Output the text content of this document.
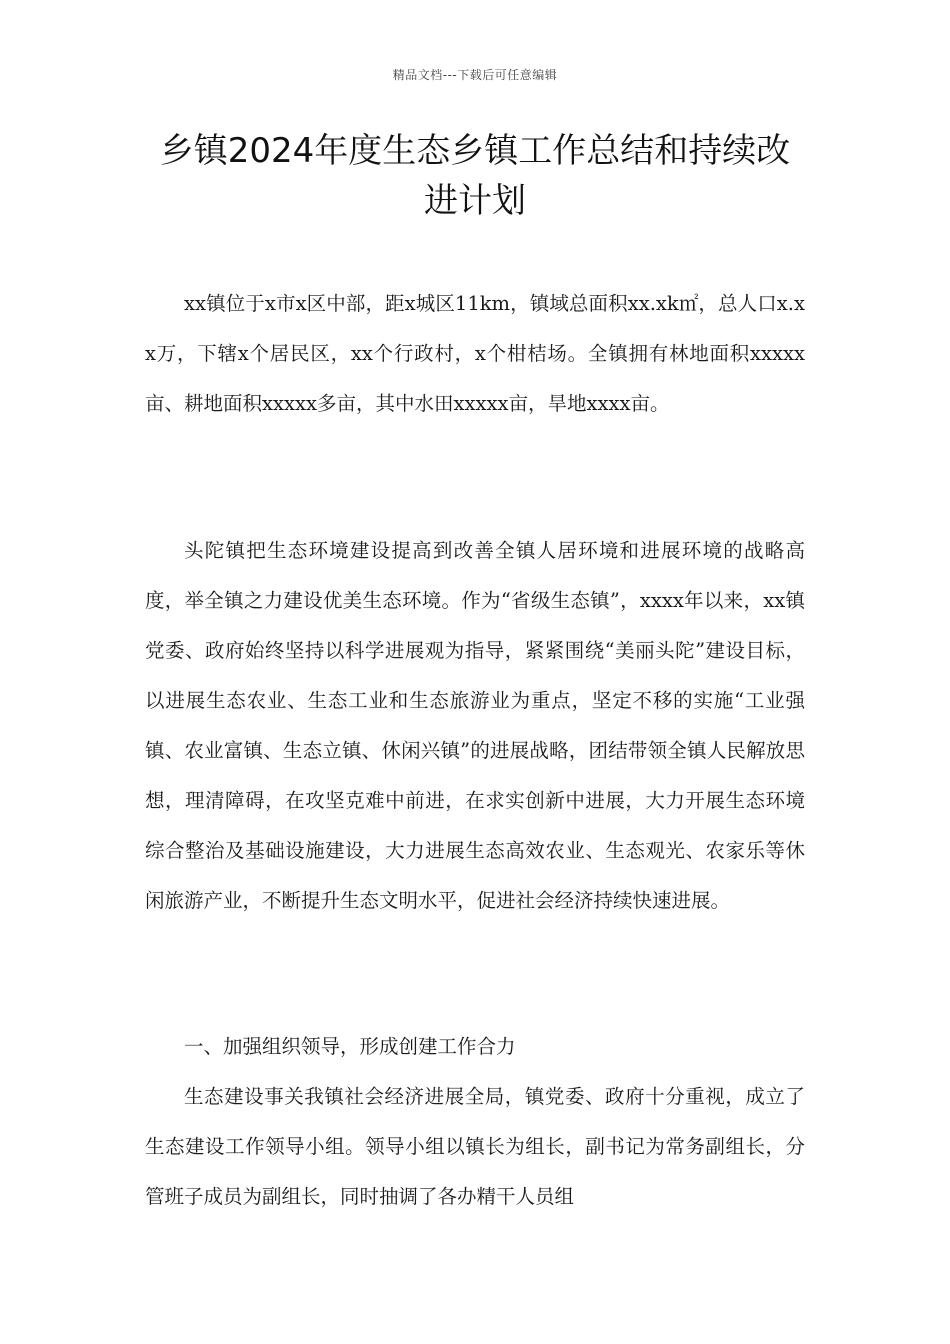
精品文档---下载后可任意编辑
乡镇2024年度生态乡镇工作总结和持续改进计划

xx镇位于x市x区中部，距x城区11km，镇域总面积xx.xk㎡，总人口x.xx万，下辖x个居民区，xx个行政村，x个柑桔场。全镇拥有林地面积xxxxx亩、耕地面积xxxxx多亩，其中水田xxxxx亩，旱地xxxx亩。

头陀镇把生态环境建设提高到改善全镇人居环境和进展环境的战略高度，举全镇之力建设优美生态环境。作为“省级生态镇”，xxxx年以来，xx镇党委、政府始终坚持以科学进展观为指导，紧紧围绕“美丽头陀”建设目标，以进展生态农业、生态工业和生态旅游业为重点，坚定不移的实施“工业强镇、农业富镇、生态立镇、休闲兴镇”的进展战略，团结带领全镇人民解放思想，理清障碍，在攻坚克难中前进，在求实创新中进展，大力开展生态环境综合整治及基础设施建设，大力进展生态高效农业、生态观光、农家乐等休闲旅游产业，不断提升生态文明水平，促进社会经济持续快速进展。

一、加强组织领导，形成创建工作合力

生态建设事关我镇社会经济进展全局，镇党委、政府十分重视，成立了生态建设工作领导小组。领导小组以镇长为组长，副书记为常务副组长，分管班子成员为副组长，同时抽调了各办精干人员组
